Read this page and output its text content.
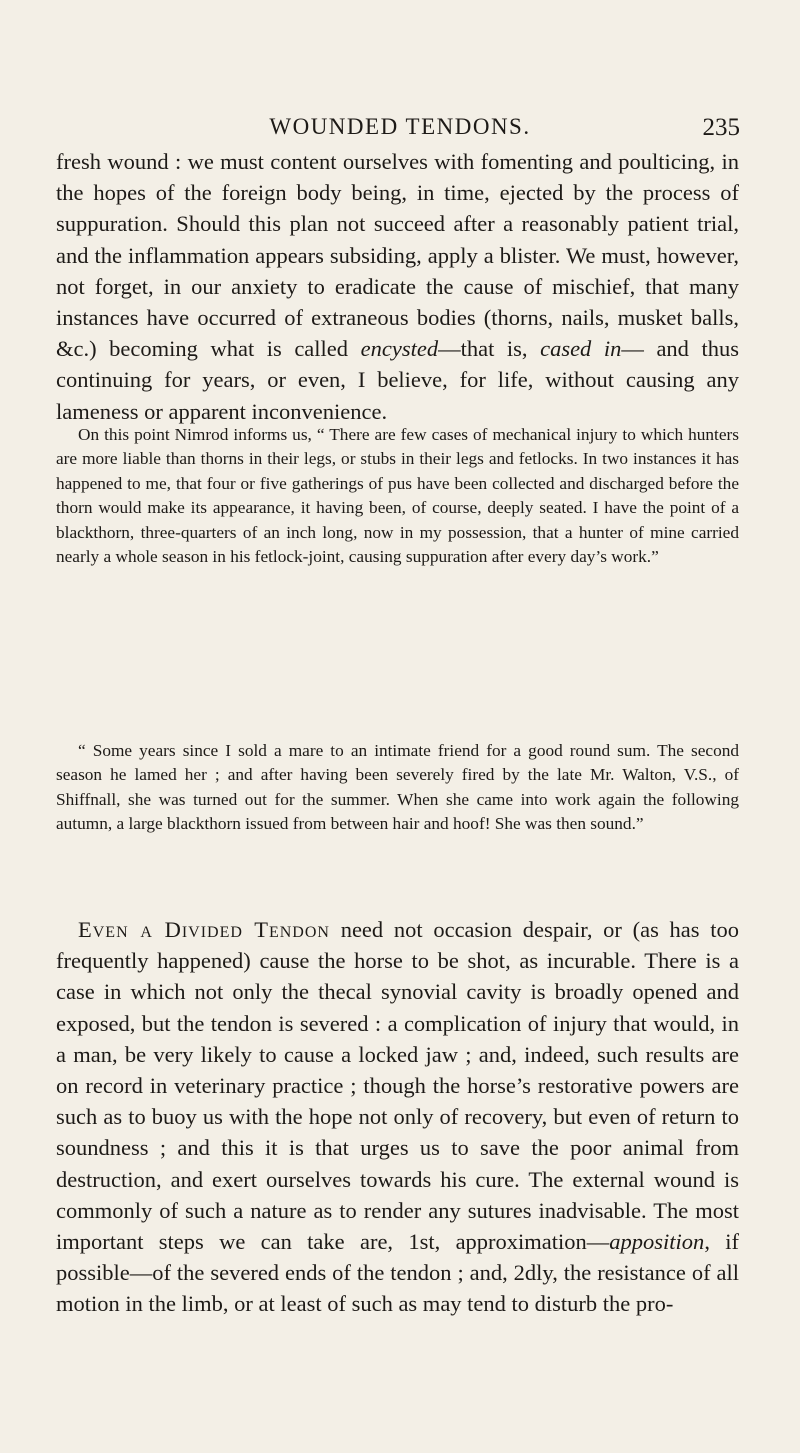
WOUNDED TENDONS.	235

fresh wound : we must content ourselves with fomenting and poulticing, in the hopes of the foreign body being, in time, ejected by the process of suppuration. Should this plan not succeed after a reasonably patient trial, and the inflammation appears subsiding, apply a blister. We must, however, not forget, in our anxiety to eradicate the cause of mischief, that many instances have occurred of extraneous bodies (thorns, nails, musket balls, &c.) becoming what is called encysted—that is, cased in— and thus continuing for years, or even, I believe, for life, without causing any lameness or apparent inconvenience.

On this point Nimrod informs us, “ There are few cases of mechanical injury to which hunters are more liable than thorns in their legs, or stubs in their legs and fetlocks. In two instances it has happened to me, that four or five gatherings of pus have been collected and discharged before the thorn would make its appearance, it having been, of course, deeply seated. I have the point of a blackthorn, three-quarters of an inch long, now in my possession, that a hunter of mine carried nearly a whole season in his fetlock-joint, causing suppuration after every day’s work.”

“ Some years since I sold a mare to an intimate friend for a good round sum. The second season he lamed her ; and after having been severely fired by the late Mr. Walton, V.S., of Shiffnall, she was turned out for the summer. When she came into work again the following autumn, a large blackthorn issued from between hair and hoof! She was then sound.”

Even a Divided Tendon need not occasion despair, or (as has too frequently happened) cause the horse to be shot, as incurable. There is a case in which not only the thecal synovial cavity is broadly opened and exposed, but the tendon is severed : a complication of injury that would, in a man, be very likely to cause a locked jaw ; and, indeed, such results are on record in veterinary practice ; though the horse’s restorative powers are such as to buoy us with the hope not only of recovery, but even of return to soundness ; and this it is that urges us to save the poor animal from destruction, and exert ourselves towards his cure. The external wound is commonly of such a nature as to render any sutures inadvisable. The most important steps we can take are, 1st, approximation—apposition, if possible—of the severed ends of the tendon ; and, 2dly, the resistance of all motion in the limb, or at least of such as may tend to disturb the pro-
